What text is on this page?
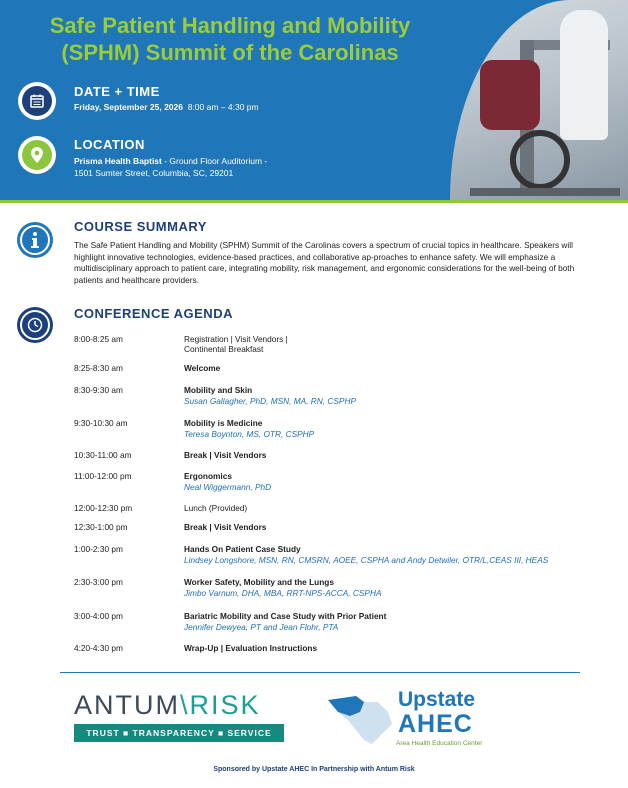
Safe Patient Handling and Mobility
(SPHM) Summit of the Carolinas
DATE + TIME
Friday, September 25, 2026 8:00 am – 4:30 pm
LOCATION
Prisma Health Baptist - Ground Floor Auditorium -
1501 Sumter Street, Columbia, SC, 29201
COURSE SUMMARY
The Safe Patient Handling and Mobility (SPHM) Summit of the Carolinas covers a spectrum of crucial topics in healthcare. Speakers will highlight innovative technologies, evidence-based practices, and collaborative ap-proaches to enhance safety. We will emphasize a multidisciplinary approach to patient care, integrating mobility, risk management, and ergonomic considerations for the well-being of both patients and healthcare providers.
CONFERENCE AGENDA
8:00-8:25 am	Registration | Visit Vendors |
Continental Breakfast
8:25-8:30 am	Welcome
8:30-9:30 am	Mobility and Skin
Susan Gallagher, PhD, MSN, MA, RN, CSPHP
9:30-10:30 am	Mobility is Medicine
Teresa Boynton, MS, OTR, CSPHP
10:30-11:00 am	Break | Visit Vendors
11:00-12:00 pm	Ergonomics
Neal Wiggermann, PhD
12:00-12:30 pm	Lunch (Provided)
12:30-1:00 pm	Break | Visit Vendors
1:00-2:30 pm	Hands On Patient Case Study
Lindsey Longshore, MSN, RN, CMSRN, AOEE, CSPHA and Andy Detwiler, OTR/L,CEAS III, HEAS
2:30-3:00 pm	Worker Safety, Mobility and the Lungs
Jimbo Varnum, DHA, MBA, RRT-NPS-ACCA, CSPHA
3:00-4:00 pm	Bariatric Mobility and Case Study with Prior Patient
Jennifer Dewyea, PT and Jean Flohr, PTA
4:20-4:30 pm	Wrap-Up | Evaluation Instructions
ANTUM\RISK
TRUST ■ TRANSPARENCY ■ SERVICE
Upstate
AHEC
Area Health Education Center
Sponsored by Upstate AHEC In Partnership with Antum Risk
